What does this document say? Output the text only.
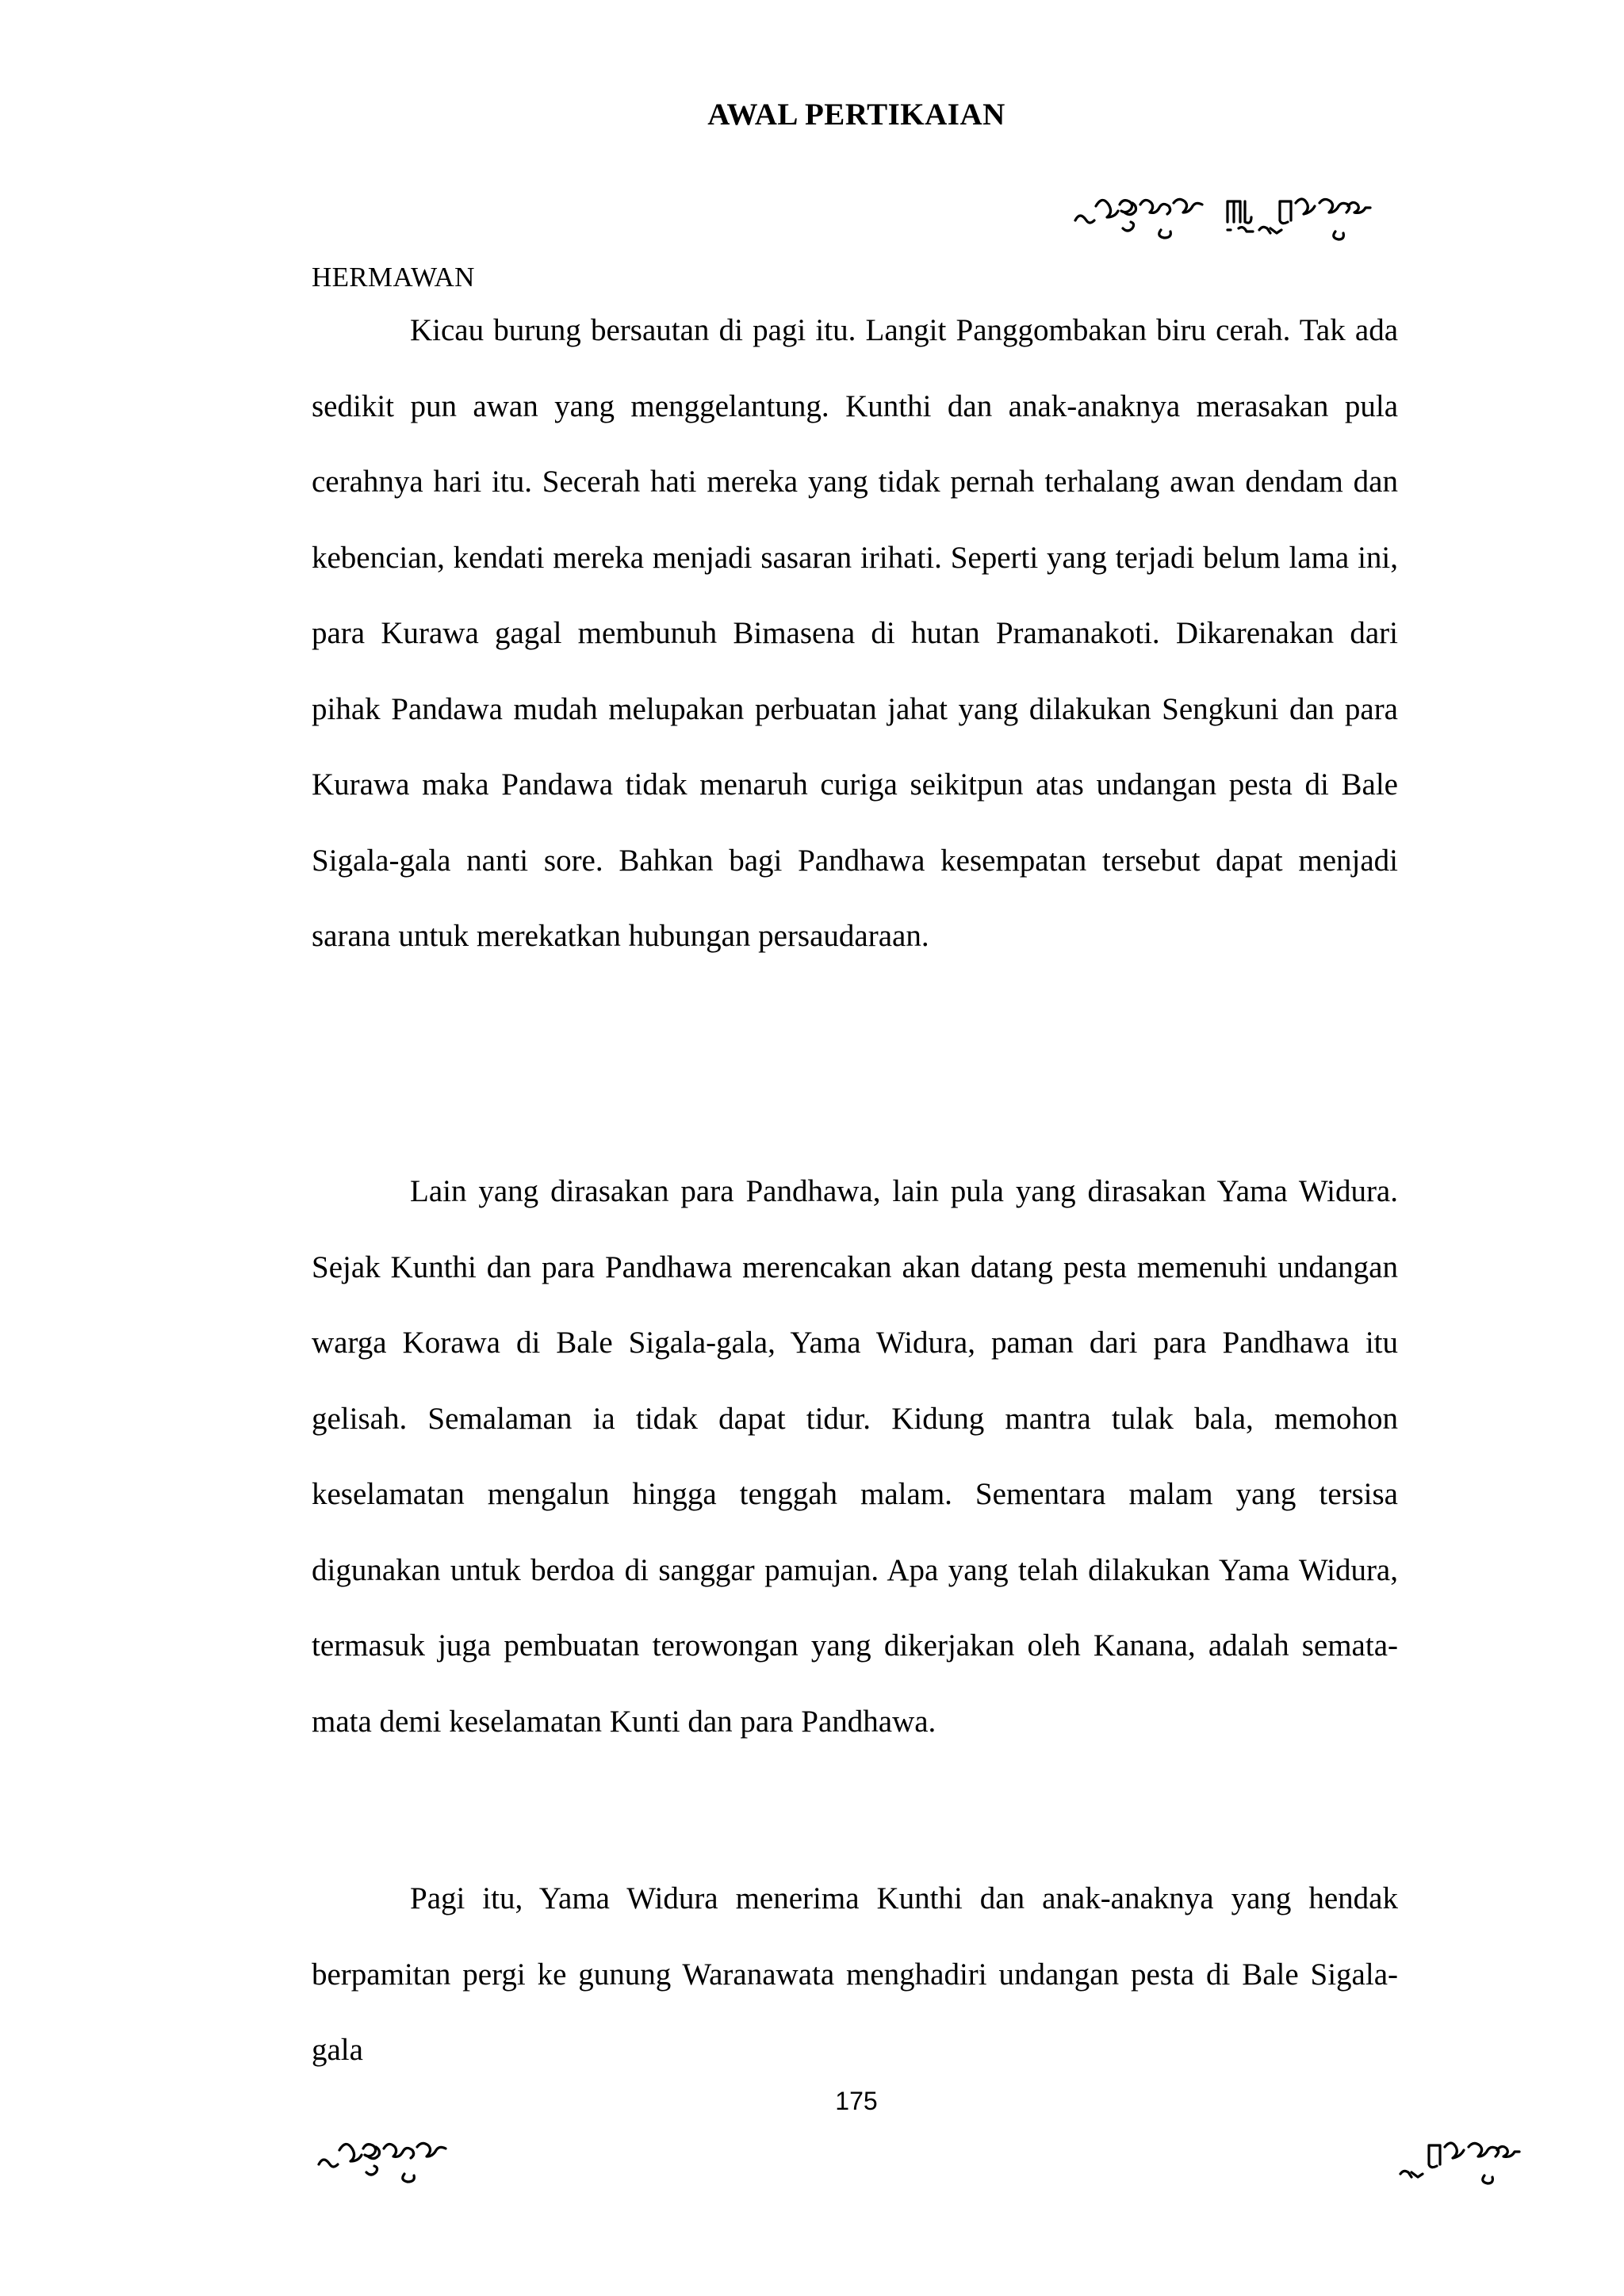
AWAL PERTIKAIAN
HERMAWAN

Kicau burung bersautan di pagi itu. Langit Panggombakan biru cerah. Tak ada sedikit pun awan yang menggelantung. Kunthi dan anak-anaknya merasakan pula cerahnya hari itu. Secerah hati mereka yang tidak pernah terhalang awan dendam dan kebencian, kendati mereka menjadi sasaran irihati. Seperti yang terjadi belum lama ini, para Kurawa gagal membunuh Bimasena di hutan Pramanakoti. Dikarenakan dari pihak Pandawa mudah melupakan perbuatan jahat yang dilakukan Sengkuni dan para Kurawa maka Pandawa tidak menaruh curiga seikitpun atas undangan pesta di Bale Sigala-gala nanti sore. Bahkan bagi Pandhawa kesempatan tersebut dapat menjadi sarana untuk merekatkan hubungan persaudaraan.

Lain yang dirasakan para Pandhawa, lain pula yang dirasakan Yama Widura. Sejak Kunthi dan para Pandhawa merencakan akan datang pesta memenuhi undangan warga Korawa di Bale Sigala-gala, Yama Widura, paman dari para Pandhawa itu gelisah. Semalaman ia tidak dapat tidur. Kidung mantra tulak bala, memohon keselamatan mengalun hingga tenggah malam. Sementara malam yang tersisa digunakan untuk berdoa di sanggar pamujan. Apa yang telah dilakukan Yama Widura, termasuk juga pembuatan terowongan yang dikerjakan oleh Kanana, adalah semata-mata demi keselamatan Kunti dan para Pandhawa.

Pagi itu, Yama Widura menerima Kunthi dan anak-anaknya yang hendak berpamitan pergi ke gunung Waranawata menghadiri undangan pesta di Bale Sigala-gala

175
